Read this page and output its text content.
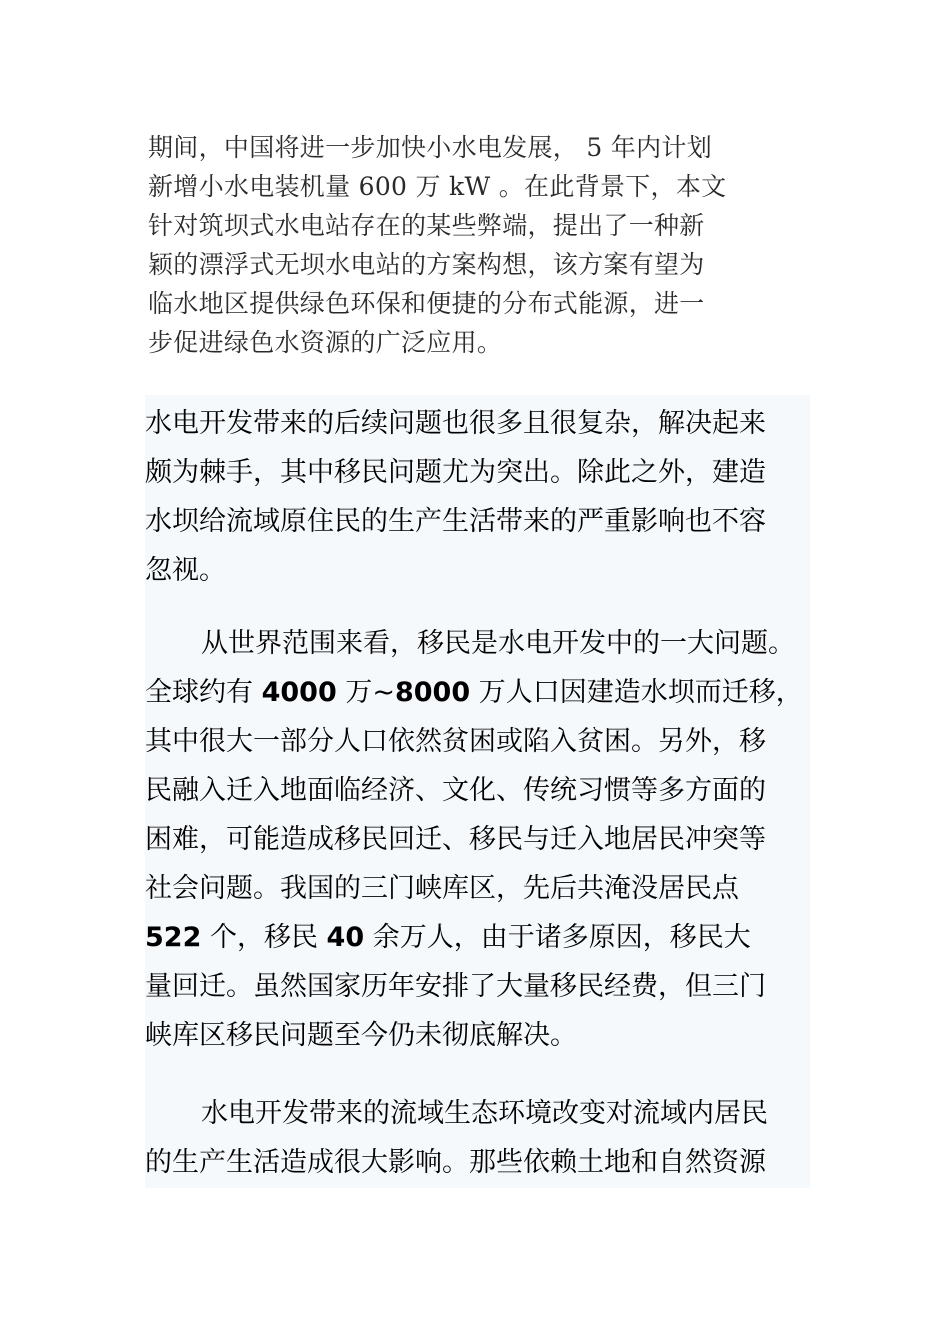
期间，中国将进一步加快小水电发展， 5 年内计划
新增小水电装机量 600 万 kW 。在此背景下，本文
针对筑坝式水电站存在的某些弊端，提出了一种新
颖的漂浮式无坝水电站的方案构想，该方案有望为
临水地区提供绿色环保和便捷的分布式能源，进一
步促进绿色水资源的广泛应用。
水电开发带来的后续问题也很多且很复杂，解决起来
颇为棘手，其中移民问题尤为突出。除此之外，建造
水坝给流域原住民的生产生活带来的严重影响也不容
忽视。
从世界范围来看，移民是水电开发中的一大问题。
全球约有 4000 万~8000 万人口因建造水坝而迁移，
其中很大一部分人口依然贫困或陷入贫困。另外，移
民融入迁入地面临经济、文化、传统习惯等多方面的
困难，可能造成移民回迁、移民与迁入地居民冲突等
社会问题。我国的三门峡库区，先后共淹没居民点
522 个，移民 40 余万人，由于诸多原因，移民大
量回迁。虽然国家历年安排了大量移民经费，但三门
峡库区移民问题至今仍未彻底解决。
水电开发带来的流域生态环境改变对流域内居民
的生产生活造成很大影响。那些依赖土地和自然资源
